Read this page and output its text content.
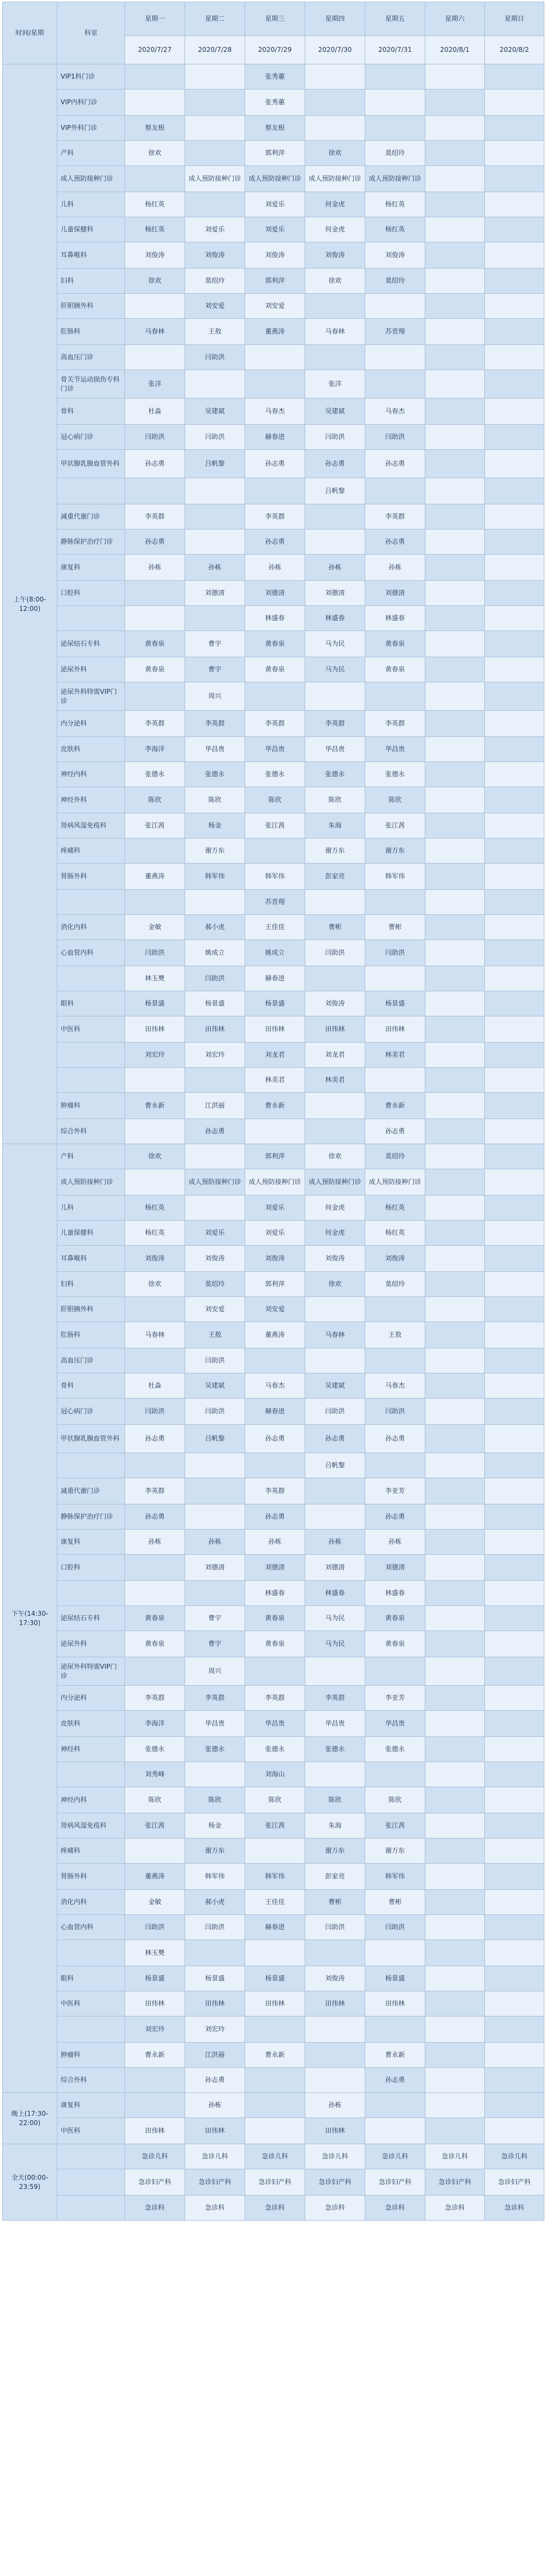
时间/星期	科室	星期一	星期二	星期三	星期四	星期五	星期六	星期日
		2020/7/27	2020/7/28	2020/7/29	2020/7/30	2020/7/31	2020/8/1	2020/8/2
上午(8:00-12:00)	VIP1科门诊			张秀蕙				
	VIP内科门诊			张秀蕙				
	VIP外科门诊	蔡友根		蔡友根				
	产科	徐欢		郭利萍	徐欢	莫绍玲		
	成人预防接种门诊		成人预防接种门诊	成人预防接种门诊	成人预防接种门诊	成人预防接种门诊		
	儿科	杨红英		刘爱乐	何金虎	杨红英		
	儿童保健科	杨红英	刘爱乐	刘爱乐	何金虎	杨红英		
	耳鼻喉科	刘俊涛	刘俊涛	刘俊涛	刘俊涛	刘俊涛		
	妇科	徐欢	莫绍玲	郭利萍	徐欢	莫绍玲		
	肝胆胰外科		刘安爱	刘安爱				
	肛肠科	马春林	王敖	董燕涛	马春林	苏晋翔		
	高血压门诊		闫助洪					
	骨关节运动损伤专科门诊	张洋			张洋			
	骨科	杜淼	吴建斌	马春杰	吴建斌	马春杰		
	冠心病门诊	闫助洪	闫助洪	赫春进	闫助洪	闫助洪		
	甲状腺乳腺血管外科	孙志勇	吕帆黎	孙志勇	孙志勇	孙志勇		
					吕帆黎			
	减重代谢门诊	李英群		李英群		李英群		
	静脉保护治疗门诊	孙志勇		孙志勇		孙志勇		
	康复科	孙栋	孙栋	孙栋	孙栋	孙栋		
	口腔科		刘德清	刘德清	刘德清	刘德清		
				林盛春	林盛春	林盛春		
	泌尿结石专科	黄春泉	曹宇	黄春泉	马为民	黄春泉		
	泌尿外科	黄春泉	曹宇	黄春泉	马为民	黄春泉		
	泌尿外科特需VIP门诊		周兴					
	内分泌科	李英群	李英群	李英群	李英群	李英群		
	皮肤科	李海洋	华昌贵	华昌贵	华昌贵	华昌贵		
	神经内科	张德永	张德永	张德永	张德永	张德永		
	神经外科	陈欣	陈欣	陈欣	陈欣	陈欣		
	肾病风湿免疫科	张江茜	杨金	张江茜	朱海	张江茜		
	疼痛科		谢万东		谢万东	谢万东		
	胃肠外科	董燕涛	韩军伟	韩军伟	彭家亮	韩军伟		
				苏晋翔				
	消化内科	金敏	郝小虎	王佳佳	曹彬	曹彬		
	心血管内科	闫助洪	姚成立	姚成立	闫助洪	闫助洪		
		林玉僰	闫助洪	赫春进				
	眼科	杨景盛	杨景盛	杨景盛	刘俊涛	杨景盛		
	中医科	田伟林	田伟林	田伟林	田伟林	田伟林		
		刘宏玲	刘宏玲	刘龙君	刘龙君	林美君		
				林美君	林美君			
	肿瘤科	曹永新	江洪丽	曹永新		曹永新		
	综合外科		孙志勇			孙志勇		
下午(14:30-17:30)	产科	徐欢		郭利萍	徐欢	莫绍玲		
	成人预防接种门诊		成人预防接种门诊	成人预防接种门诊	成人预防接种门诊	成人预防接种门诊		
	儿科	杨红英		刘爱乐	何金虎	杨红英		
	儿童保健科	杨红英	刘爱乐	刘爱乐	何金虎	杨红英		
	耳鼻喉科	刘俊涛	刘俊涛	刘俊涛	刘俊涛	刘俊涛		
	妇科	徐欢	莫绍玲	郭利萍	徐欢	莫绍玲		
	肝胆胰外科		刘安爱	刘安爱				
	肛肠科	马春林	王敖	董燕涛	马春林	王敖		
	高血压门诊		闫助洪					
	骨科	杜淼	吴建斌	马春杰	吴建斌	马春杰		
	冠心病门诊	闫助洪	闫助洪	赫春进	闫助洪	闫助洪		
	甲状腺乳腺血管外科	孙志勇	吕帆黎	孙志勇	孙志勇	孙志勇		
					吕帆黎			
	减重代谢门诊	李英群		李英群		李亚芳		
	静脉保护治疗门诊	孙志勇		孙志勇		孙志勇		
	康复科	孙栋	孙栋	孙栋	孙栋	孙栋		
	口腔科		刘德清	刘德清	刘德清	刘德清		
				林盛春	林盛春	林盛春		
	泌尿结石专科	黄春泉	曹宇	黄春泉	马为民	黄春泉		
	泌尿外科	黄春泉	曹宇	黄春泉	马为民	黄春泉		
	泌尿外科特需VIP门诊		周兴					
	内分泌科	李英群	李英群	李英群	李英群	李亚芳		
	皮肤科	李海洋	华昌贵	华昌贵	华昌贵	华昌贵		
	神经科	张德永	张德永	张德永	张德永	张德永		
		刘秀峰		刘海山				
	神经内科	陈欣	陈欣	陈欣	陈欣	陈欣		
	肾病风湿免疫科	张江茜	杨金	张江茜	朱海	张江茜		
	疼痛科		谢万东		谢万东	谢万东		
	胃肠外科	董燕涛	韩军伟	韩军伟	彭家亮	韩军伟		
	消化内科	金敏	郝小虎	王佳佳	曹彬	曹彬		
	心血管内科	闫助洪	闫助洪	赫春进	闫助洪	闫助洪		
		林玉僰						
	眼科	杨景盛	杨景盛	杨景盛	刘俊涛	杨景盛		
	中医科	田伟林	田伟林	田伟林	田伟林	田伟林		
		刘宏玲	刘宏玲					
	肿瘤科	曹永新	江洪丽	曹永新		曹永新		
	综合外科		孙志勇			孙志勇		
晚上(17:30-22:00)	康复科		孙栋		孙栋			
	中医科	田伟林	田伟林		田伟林			
全天(00:00-23:59)		急诊儿科	急诊儿科	急诊儿科	急诊儿科	急诊儿科	急诊儿科	急诊儿科
		急诊妇产科	急诊妇产科	急诊妇产科	急诊妇产科	急诊妇产科	急诊妇产科	急诊妇产科
		急诊科	急诊科	急诊科	急诊科	急诊科	急诊科	急诊科
